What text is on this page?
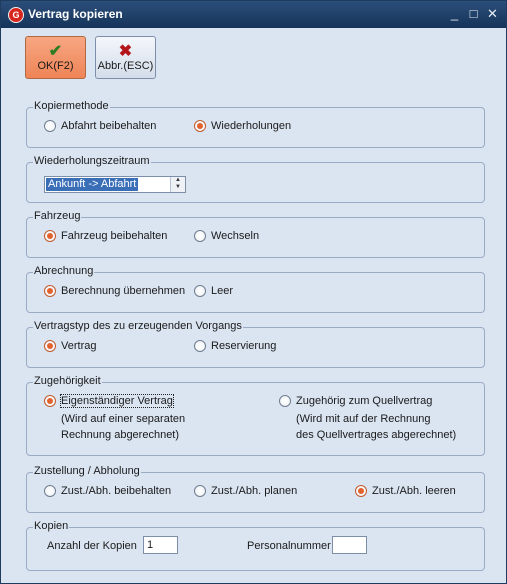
G Vertrag kopieren	_ □ ✕
✔
OK(F2)
✖
Abbr.(ESC)
Kopiermethode
Abfahrt beibehalten	Wiederholungen
Wiederholungszeitraum
Ankunft -> Abfahrt	▲
▼
Fahrzeug
Fahrzeug beibehalten	Wechseln
Abrechnung
Berechnung übernehmen Leer
Vertragstyp des zu erzeugenden Vorgangs
Vertrag	Reservierung
Zugehörigkeit
Eigenständiger Vertrag
(Wird auf einer separaten
Rechnung abgerechnet)
Zugehörig zum Quellvertrag
(Wird mit auf der Rechnung
des Quellvertrages abgerechnet)
Zustellung / Abholung
Zust./Abh. beibehalten	Zust./Abh. planen	Zust./Abh. leeren
Kopien
Anzahl der Kopien 1	Personalnummer
